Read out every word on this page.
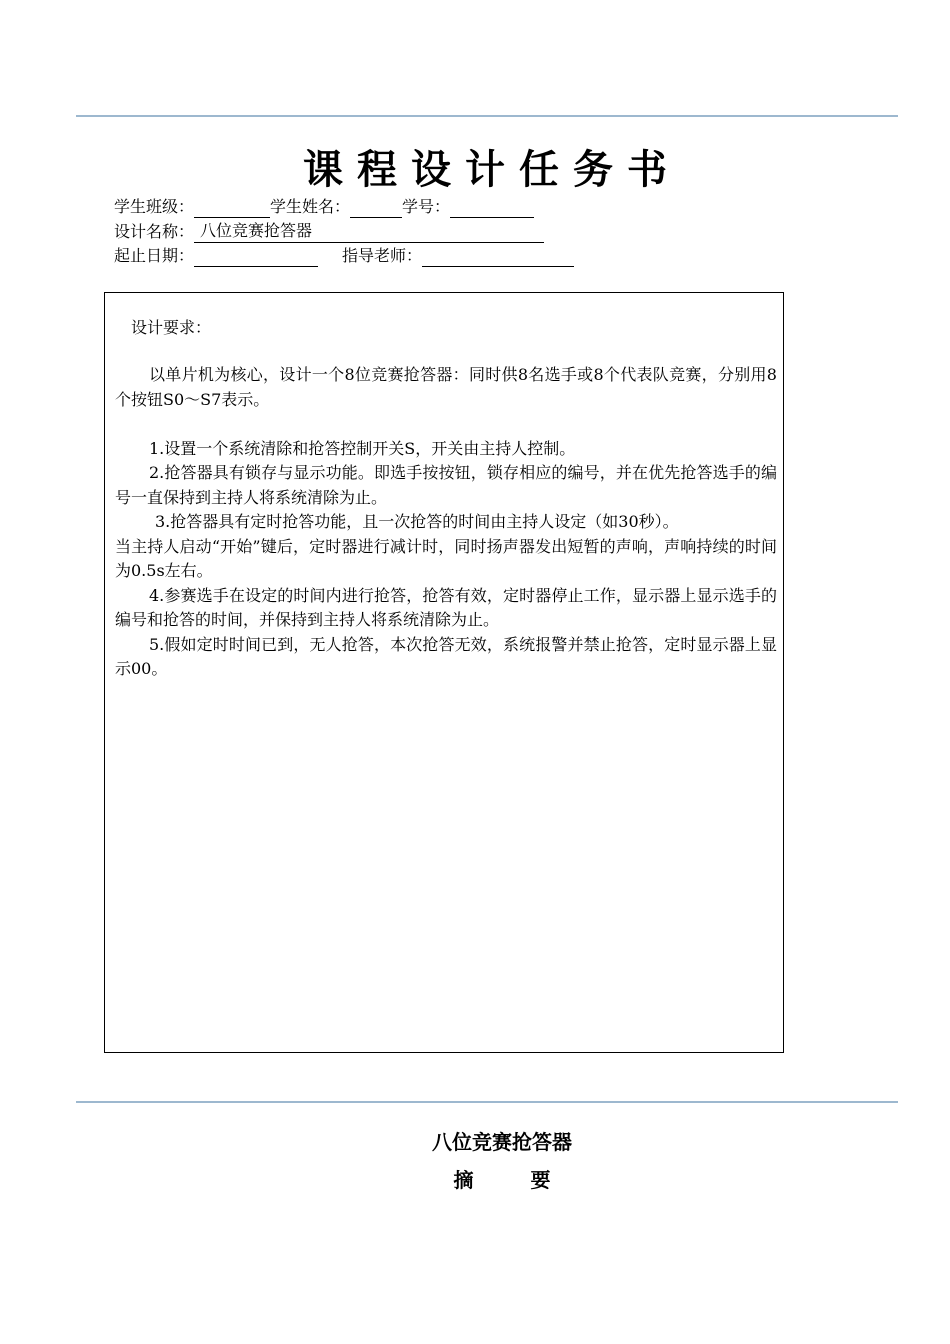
课程设计任务书
学生班级：	学生姓名：	学号：
设计名称： 八位竞赛抢答器
起止日期：	指导老师：
设计要求：

以单片机为核心，设计一个8位竞赛抢答器：同时供8名选手或8个代表队竞赛，分别用8个按钮S0～S7表示。

1.设置一个系统清除和抢答控制开关S，开关由主持人控制。

2.抢答器具有锁存与显示功能。即选手按按钮，锁存相应的编号，并在优先抢答选手的编号一直保持到主持人将系统清除为止。

3.抢答器具有定时抢答功能，且一次抢答的时间由主持人设定（如30秒）。

当主持人启动“开始”键后，定时器进行减计时，同时扬声器发出短暂的声响，声响持续的时间为0.5s左右。

4.参赛选手在设定的时间内进行抢答，抢答有效，定时器停止工作，显示器上显示选手的编号和抢答的时间，并保持到主持人将系统清除为止。

5.假如定时时间已到，无人抢答，本次抢答无效，系统报警并禁止抢答，定时显示器上显示00。

八位竞赛抢答器
摘 要
